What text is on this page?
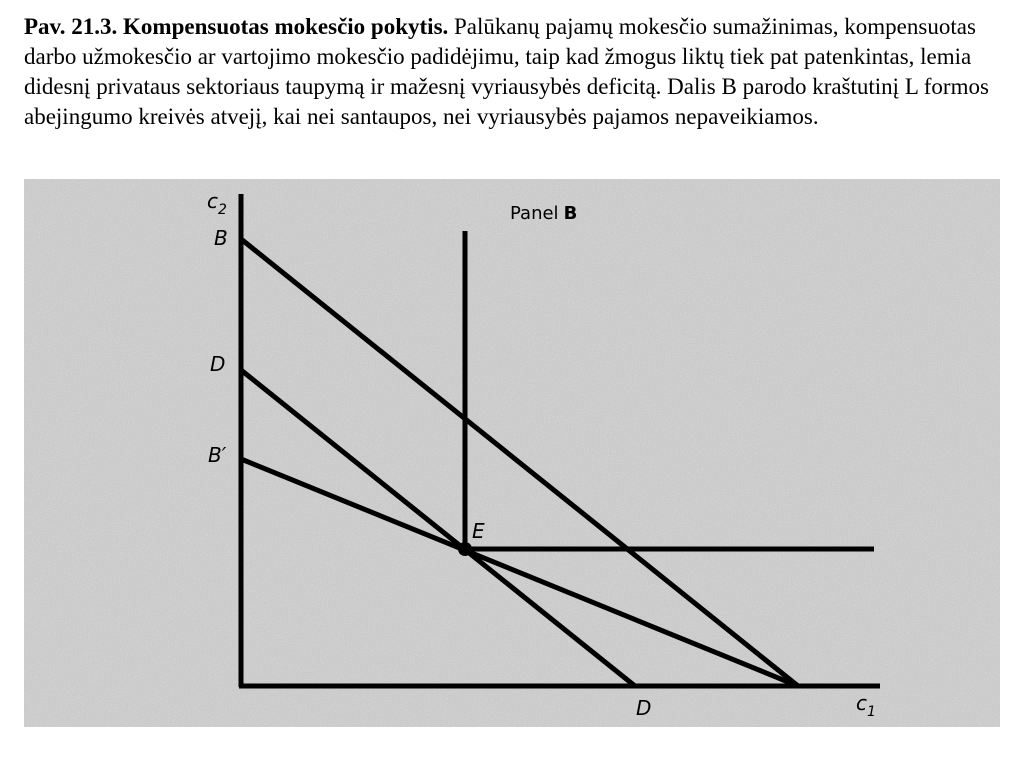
Pav. 21.3. Kompensuotas mokesčio pokytis. Palūkanų pajamų mokesčio sumažinimas, kompensuotas darbo užmokesčio ar vartojimo mokesčio padidėjimu, taip kad žmogus liktų tiek pat patenkintas, lemia didesnį privataus sektoriaus taupymą ir mažesnį vyriausybės deficitą. Dalis B parodo kraštutinį L formos abejingumo kreivės atvejį, kai nei santaupos, nei vyriausybės pajamos nepaveikiamos.
$c_2$
B
D
B′
E
D	$c_1$
Panel B
